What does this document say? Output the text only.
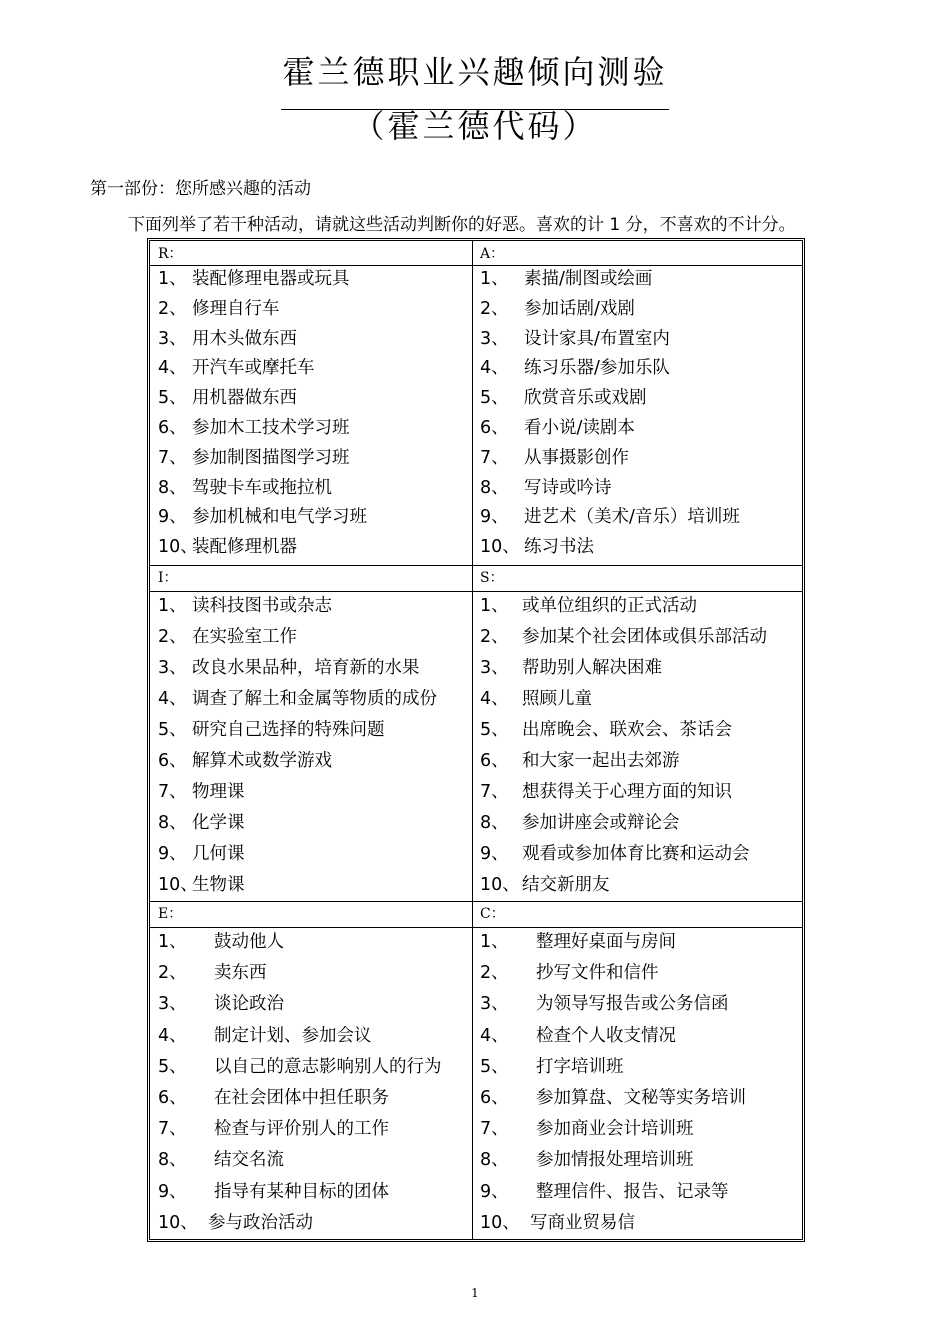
霍兰德职业兴趣倾向测验
（霍兰德代码）
第一部份：您所感兴趣的活动
下面列举了若干种活动，请就这些活动判断你的好恶。喜欢的计 1 分，不喜欢的不计分。
R：
1、 装配修理电器或玩具
2、 修理自行车
3、 用木头做东西
4、 开汽车或摩托车
5、 用机器做东西
6、 参加木工技术学习班
7、 参加制图描图学习班
8、 驾驶卡车或拖拉机
9、 参加机械和电气学习班
10、
装配修理机器
A：
1、 素描/制图或绘画
2、 参加话剧/戏剧
3、 设计家具/布置室内
4、 练习乐器/参加乐队
5、 欣赏音乐或戏剧
6、 看小说/读剧本
7、 从事摄影创作
8、 写诗或吟诗
9、 进艺术（美术/音乐）培训班
10、 练习书法
I：
1、 读科技图书或杂志
2、 在实验室工作
3、 改良水果品种，培育新的水果
4、 调查了解土和金属等物质的成份
5、 研究自己选择的特殊问题
6、 解算术或数学游戏
7、 物理课
8、 化学课
9、 几何课
10、
生物课
S：
1、 或单位组织的正式活动
2、 参加某个社会团体或俱乐部活动
3、 帮助别人解决困难
4、 照顾儿童
5、 出席晚会、联欢会、茶话会
6、 和大家一起出去郊游
7、 想获得关于心理方面的知识
8、 参加讲座会或辩论会
9、 观看或参加体育比赛和运动会
10、 结交新朋友
E：
1、	鼓动他人
2、	卖东西
3、	谈论政治
4、	制定计划、参加会议
5、	以自己的意志影响别人的行为
6、	在社会团体中担任职务
7、	检查与评价别人的工作
8、	结交名流
9、	指导有某种目标的团体
10、 参与政治活动
C：
1、	整理好桌面与房间
2、	抄写文件和信件
3、	为领导写报告或公务信函
4、	检查个人收支情况
5、	打字培训班
6、	参加算盘、文秘等实务培训
7、	参加商业会计培训班
8、	参加情报处理培训班
9、	整理信件、报告、记录等
10、 写商业贸易信
1
